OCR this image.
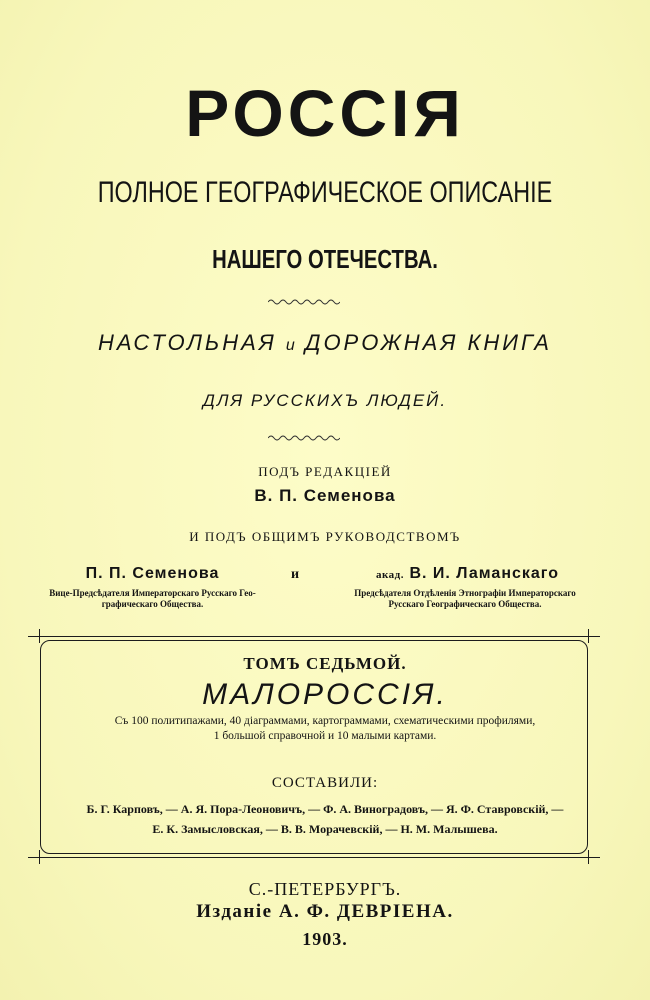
РОССІЯ
ПОЛНОЕ ГЕОГРАФИЧЕСКОЕ ОПИСАНІЕ
НАШЕГО ОТЕЧЕСТВА.
НАСТОЛЬНАЯ и ДОРОЖНАЯ КНИГА
ДЛЯ РУССКИХЪ ЛЮДЕЙ.
ПОДЪ РЕДАКЦІЕЙ
В. П. Семенова
И ПОДЪ ОБЩИМЪ РУКОВОДСТВОМЪ
П. П. Семенова
Вице-Предсѣдателя Императорскаго Русскаго Гео-
графическаго Общества.
и	акад. В. И. Ламанскаго
Предсѣдателя Отдѣленія Этнографіи Императорскаго
Русскаго Географическаго Общества.
ТОМЪ СЕДЬМОЙ.
МАЛОРОССІЯ.
Съ 100 политипажами, 40 діаграммами, картограммами, схематическими профилями,
1 большой справочной и 10 малыми картами.
СОСТАВИЛИ:
Б. Г. Карповъ, — А. Я. Пора-Леоновичъ, — Ф. А. Виноградовъ, — Я. Ф. Ставровскій, —
Е. К. Замысловская, — В. В. Морачевскій, — Н. М. Малышева.
С.-ПЕТЕРБУРГЪ.
Изданіе А. Ф. ДЕВРІЕНА.
1903.
